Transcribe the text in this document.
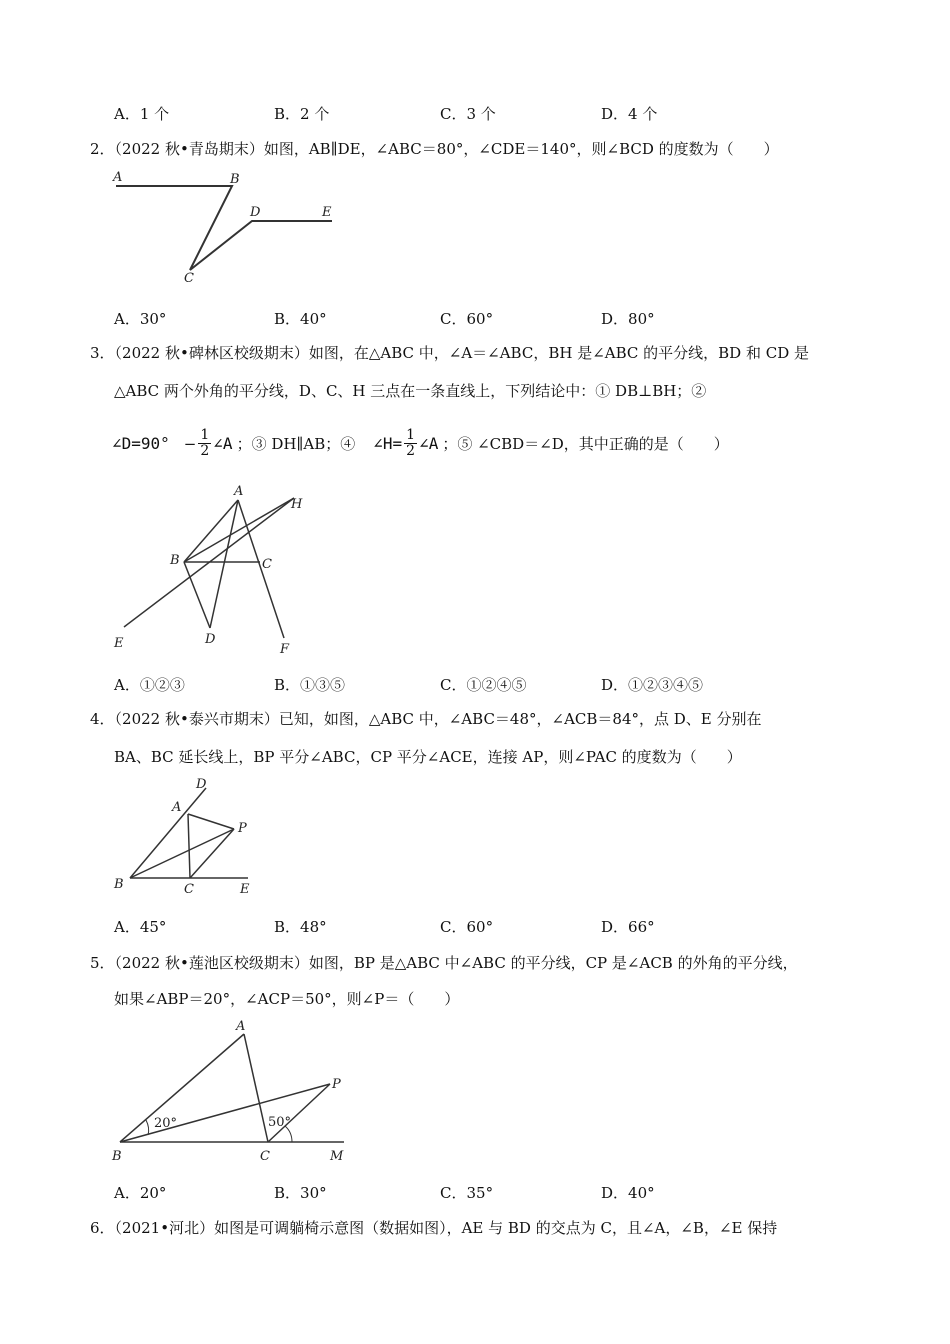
A．1 个	B．2 个	C．3 个	D．4 个
2．（2022 秋•青岛期末）如图，AB∥DE，∠ABC＝80°，∠CDE＝140°，则∠BCD 的度数为（　　）
A	B
C
D	E
A．30°	B．40°	C．60°	D．80°
3．（2022 秋•碑林区校级期末）如图，在△ABC 中，∠A＝∠ABC，BH 是∠ABC 的平分线，BD 和 CD 是
△ABC 两个外角的平分线，D、C、H 三点在一条直线上，下列结论中：① DB⊥BH；②
∠D=90° − $\frac{1}{2}$ ∠A ；③ DH∥AB；④ ∠H= $\frac{1}{2}$ ∠A ；⑤ ∠CBD＝∠D，其中正确的是（　　）
A
H
B	C
E	D
F
A．①②③	B．①③⑤	C．①②④⑤	D．①②③④⑤
4．（2022 秋•泰兴市期末）已知，如图，△ABC 中，∠ABC＝48°，∠ACB＝84°，点 D、E 分别在
BA、BC 延长线上，BP 平分∠ABC，CP 平分∠ACE，连接 AP，则∠PAC 的度数为（　　）
D
A
P
B	C	E
A．45°	B．48°	C．60°	D．66°
5．（2022 秋•莲池区校级期末）如图，BP 是△ABC 中∠ABC 的平分线，CP 是∠ACB 的外角的平分线，
如果∠ABP＝20°，∠ACP＝50°，则∠P＝（　　）
A
P
B	C	M
20°	50°
A．20°	B．30°	C．35°	D．40°
6．（2021•河北）如图是可调躺椅示意图（数据如图），AE 与 BD 的交点为 C，且∠A，∠B，∠E 保持
